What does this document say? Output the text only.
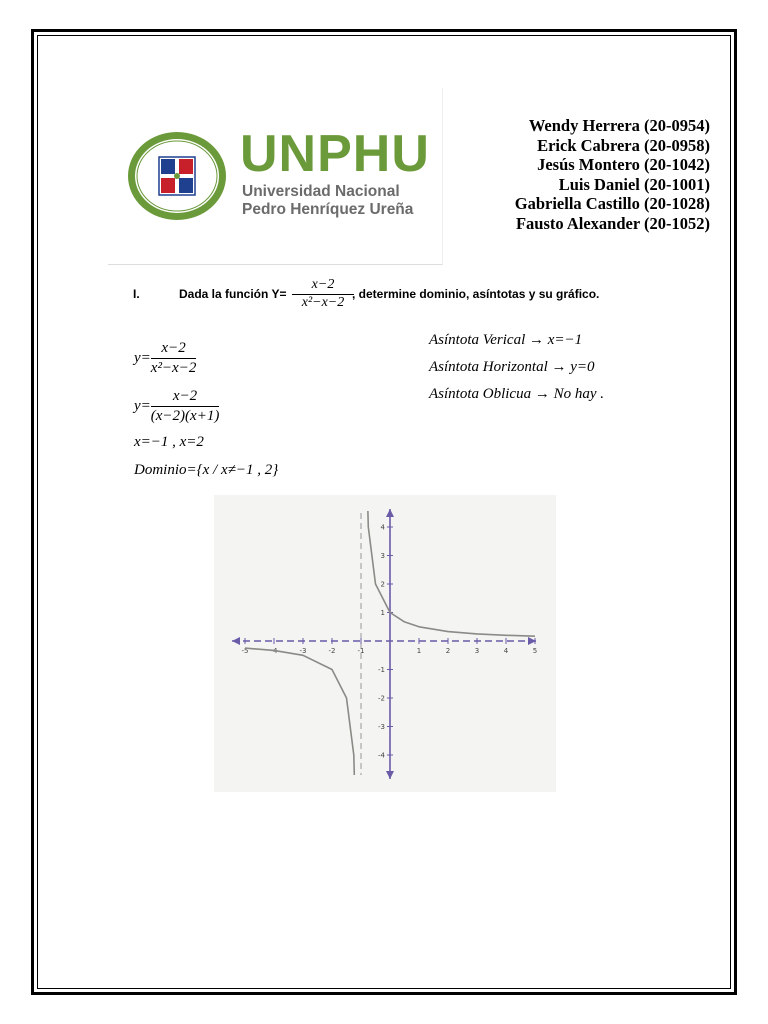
UNPHU
Universidad Nacional
Pedro Henríquez Ureña
Wendy Herrera (20-0954)
Erick Cabrera (20-0958)
Jesús Montero (20-1042)
Luis Daniel (20-1001)
Gabriella Castillo (20-1028)
Fausto Alexander (20-1052)
I.	Dada la función $Y= \frac{x-2}{\text{x²−x−2}}$
, determine dominio, asíntotas y su gráfico.
$y= \frac{x-2}{\text{x²−x−2}}$
$y= \frac{x-2}{(x-2)(x+1)}$
x=−1 , x=2
Dominio={x / x≠−1 , 2}
Asíntota Verical → x=−1
Asíntota Horizontal → y=0
Asíntota Oblicua → No hay .
-5	-4	-3	-2	-1	1	2	3	4	5
4
3
2
1
-1
-2
-3
-4
